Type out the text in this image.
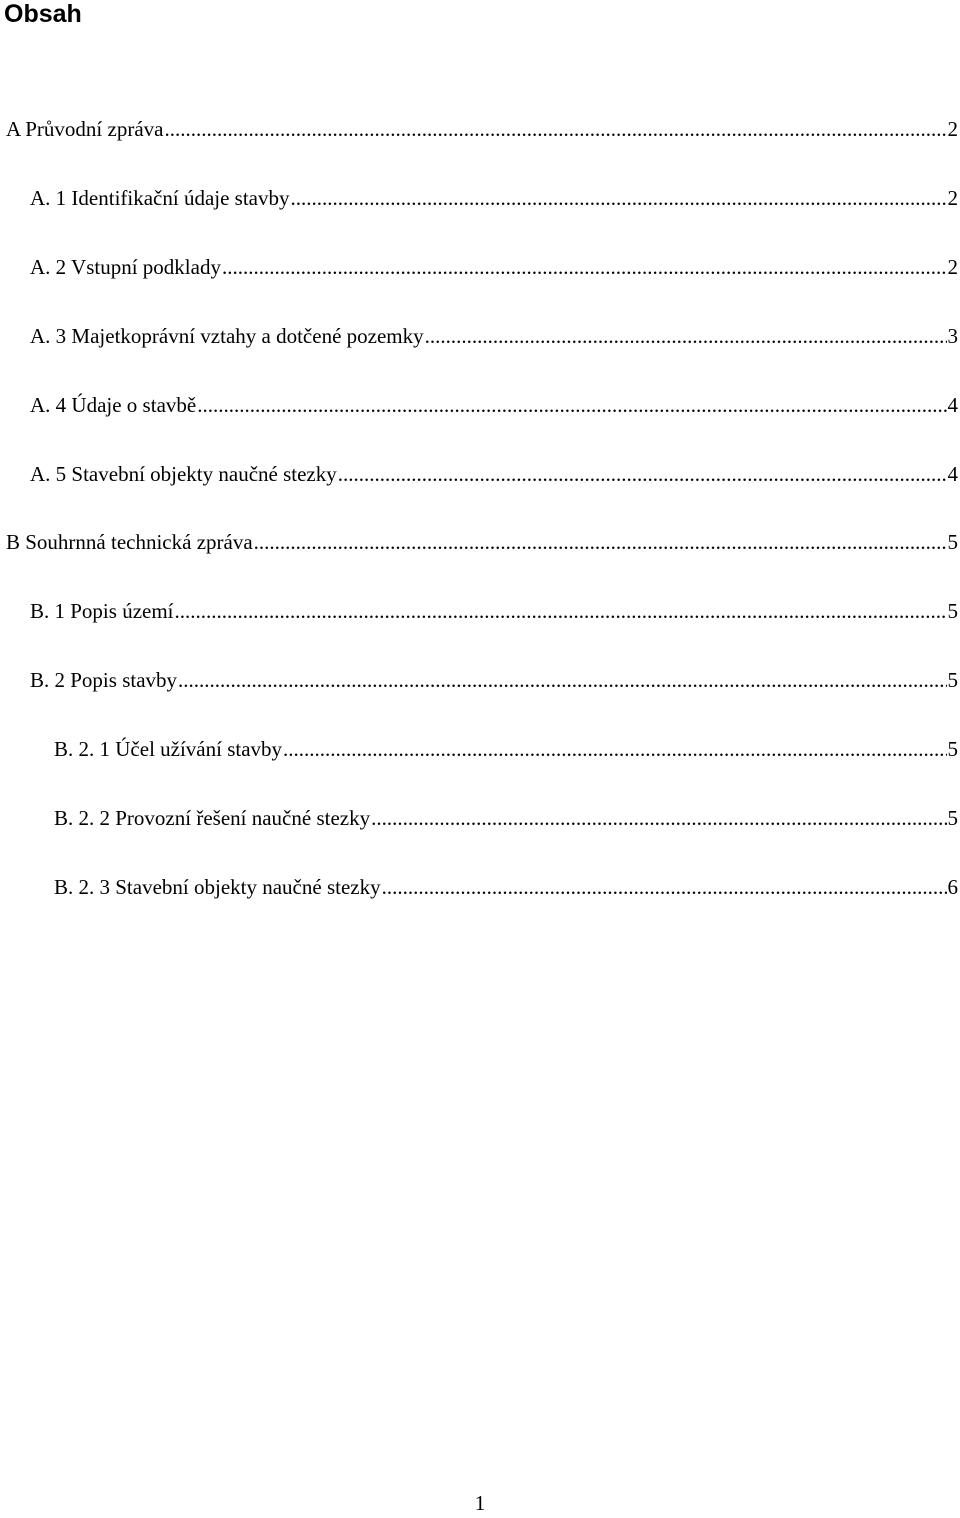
Obsah
A Průvodní zpráva .....	2
A. 1 Identifikační údaje stavby .....	2
A. 2 Vstupní podklady .....	2
A. 3 Majetkoprávní vztahy a dotčené pozemky .....	3
A. 4 Údaje o stavbě .....	4
A. 5 Stavební objekty naučné stezky .....	4
B Souhrnná technická zpráva .....	5
B. 1 Popis území .....	5
B. 2 Popis stavby .....	5
B. 2. 1 Účel užívání stavby .....	5
B. 2. 2 Provozní řešení naučné stezky .....	5
B. 2. 3 Stavební objekty naučné stezky .....	6
1
